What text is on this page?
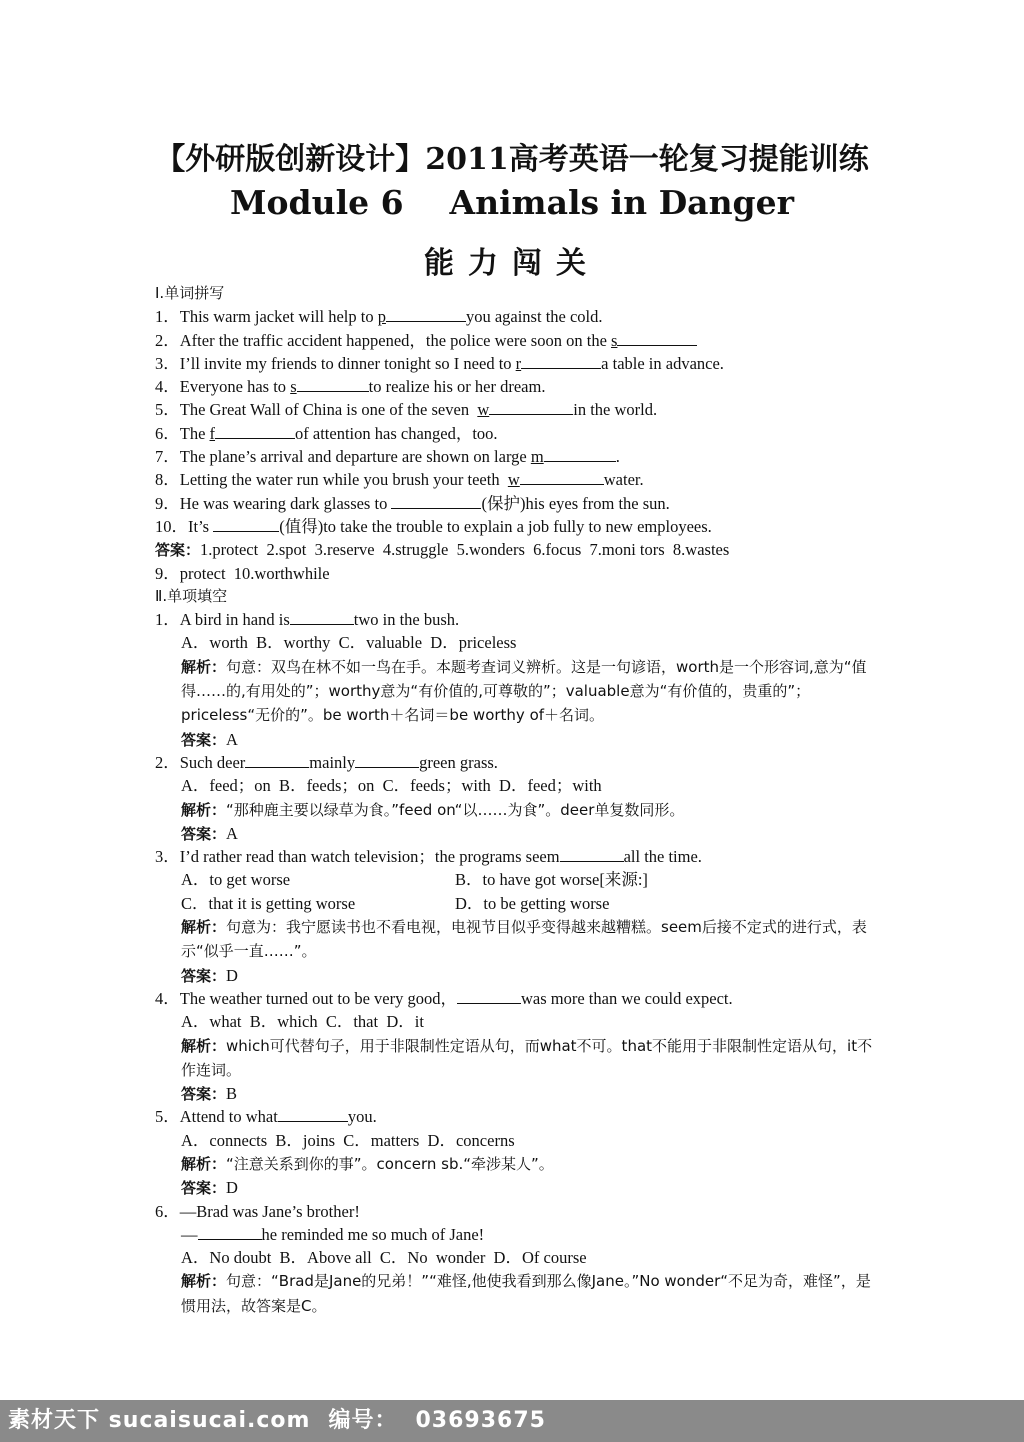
【外研版创新设计】2011高考英语一轮复习提能训练
Module 6    Animals in Danger
能力闯关
Ⅰ.单词拼写
1．This warm jacket will help to p	you against the cold.
2．After the traffic accident happened，the police were soon on the s
3．I’ll invite my friends to dinner tonight so I need to r	a table in advance.
4．Everyone has to s	to realize his or her dream.
5．The Great Wall of China is one of the seven  w	in the world.
6．The f	of attention has changed，too.
7．The plane’s arrival and departure are shown on large m	.
8．Letting the water run while you brush your teeth  w	water.
9．He was wearing dark glasses to	(保护)his eyes from the sun.
10．It’s	(值得)to take the trouble to explain a job fully to new employees.
答案：1.protect  2.spot  3.reserve  4.struggle  5.wonders  6.focus  7.moni tors  8.wastes
9．protect  10.worthwhile
Ⅱ.单项填空
1．A bird in hand is	two in the bush.
A．worth  B．worthy  C．valuable  D．priceless
解析：句意：双鸟在林不如一鸟在手。本题考查词义辨析。这是一句谚语，worth是一个形容词,意为“值得……的,有用处的”；worthy意为“有价值的,可尊敬的”；valuable意为“有价值的，贵重的”；priceless“无价的”。be worth＋名词＝be worthy of＋名词。
答案：A
2．Such deer	mainly	green grass.
A．feed；on  B．feeds；on  C．feeds；with  D．feed；with
解析：“那种鹿主要以绿草为食。”feed on“以……为食”。deer单复数同形。
答案：A
3．I’d rather read than watch television；the programs seem	all the time.
A．to get worse	B．to have got worse[来源:]
C．that it is getting worse	D．to be getting worse
解析：句意为：我宁愿读书也不看电视，电视节目似乎变得越来越糟糕。seem后接不定式的进行式，表示“似乎一直……”。
答案：D
4．The weather turned out to be very good，	was more than we could expect.
A．what  B．which  C．that  D．it
解析：which可代替句子，用于非限制性定语从句，而what不可。that不能用于非限制性定语从句，it不作连词。
答案：B
5．Attend to what	you.
A．connects  B．joins  C．matters  D．concerns
解析：“注意关系到你的事”。concern sb.“牵涉某人”。
答案：D
6．—Brad was Jane’s brother!
—	he reminded me so much of Jane!
A．No doubt  B．Above all  C．No  wonder  D．Of course
解析：句意：“Brad是Jane的兄弟！”“难怪,他使我看到那么像Jane。”No wonder“不足为奇，难怪”，是惯用法，故答案是C。
素材天下 sucaisucai.com 编号： 03693675
